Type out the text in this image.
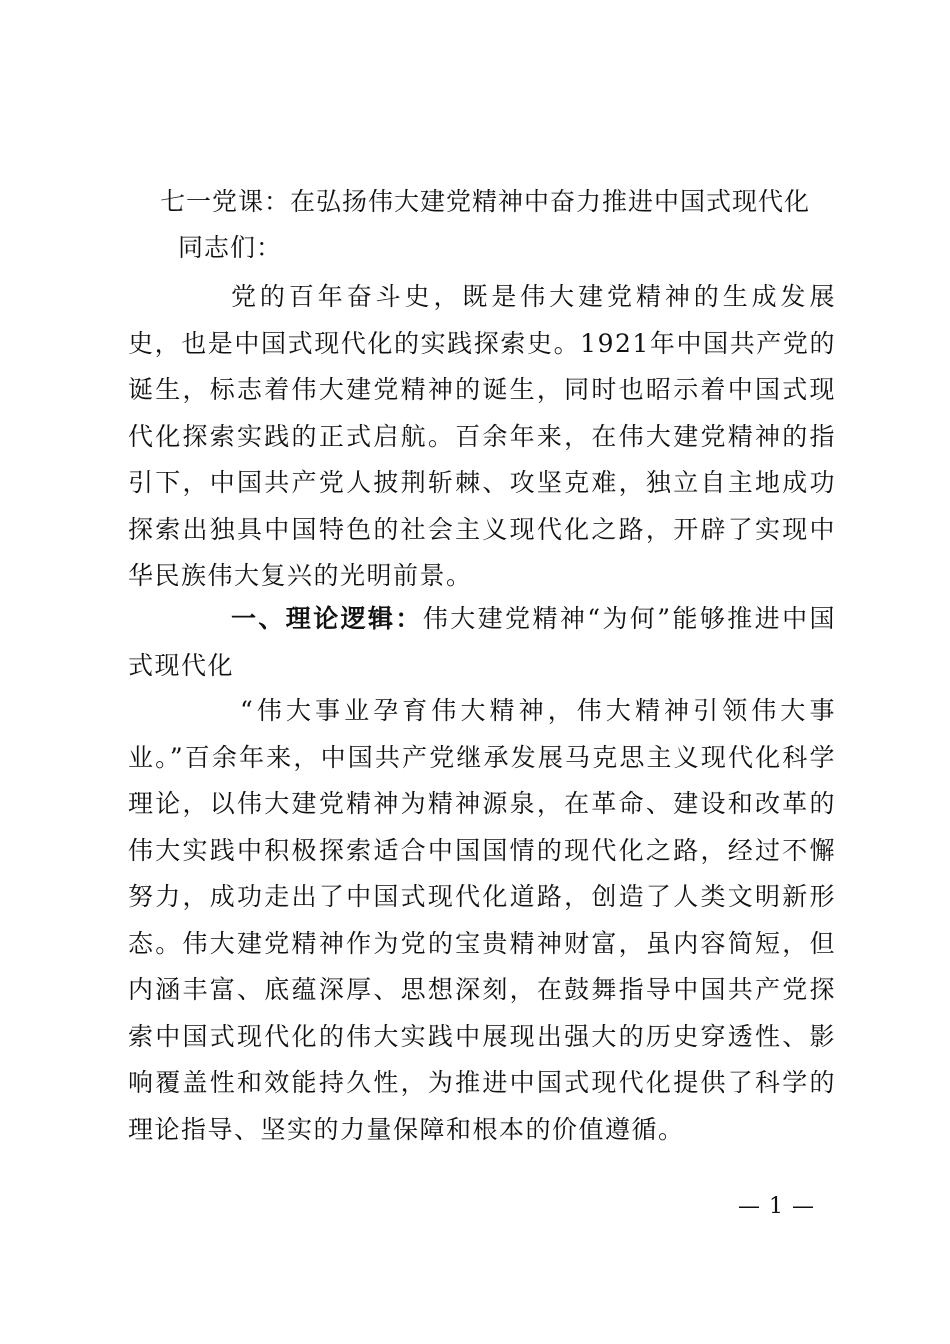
七一党课：在弘扬伟大建党精神中奋力推进中国式现代化
同志们：

党的百年奋斗史，既是伟大建党精神的生成发展史，也是中国式现代化的实践探索史。1921年中国共产党的诞生，标志着伟大建党精神的诞生，同时也昭示着中国式现代化探索实践的正式启航。百余年来，在伟大建党精神的指引下，中国共产党人披荆斩棘、攻坚克难，独立自主地成功探索出独具中国特色的社会主义现代化之路，开辟了实现中华民族伟大复兴的光明前景。

一、理论逻辑：伟大建党精神“为何”能够推进中国式现代化

“伟大事业孕育伟大精神，伟大精神引领伟大事业。”百余年来，中国共产党继承发展马克思主义现代化科学理论，以伟大建党精神为精神源泉，在革命、建设和改革的伟大实践中积极探索适合中国国情的现代化之路，经过不懈努力，成功走出了中国式现代化道路，创造了人类文明新形态。伟大建党精神作为党的宝贵精神财富，虽内容简短，但内涵丰富、底蕴深厚、思想深刻，在鼓舞指导中国共产党探索中国式现代化的伟大实践中展现出强大的历史穿透性、影响覆盖性和效能持久性，为推进中国式现代化提供了科学的理论指导、坚实的力量保障和根本的价值遵循。

— 1 —
